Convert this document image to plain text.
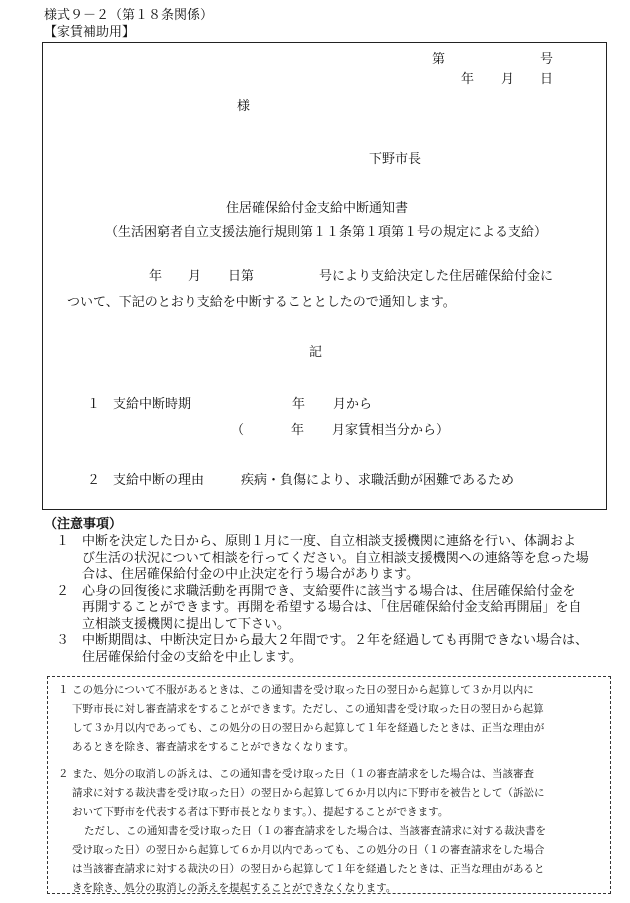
様式９－２（第１８条関係）
【家賃補助用】
第	号
年 月 日
様
下野市長
住居確保給付金支給中断通知書
（生活困窮者自立支援法施行規則第１１条第１項第１号の規定による支給）
年 月 日第	号により支給決定した住居確保給付金に
ついて、下記のとおり支給を中断することとしたので通知します。
記
１　支給中断時期	年 月から
（	年 月家賃相当分から）
２　支給中断の理由	疾病・負傷により、求職活動が困難であるため
（注意事項）
１ 中断を決定した日から、原則１月に一度、自立相談支援機関に連絡を行い、体調およ
び生活の状況について相談を行ってください。自立相談支援機関への連絡等を怠った場
合は、住居確保給付金の中止決定を行う場合があります。
２ 心身の回復後に求職活動を再開でき、支給要件に該当する場合は、住居確保給付金を
再開することができます。再開を希望する場合は、「住居確保給付金支給再開届」を自
立相談支援機関に提出して下さい。
３ 中断期間は、中断決定日から最大２年間です。２年を経過しても再開できない場合は、
住居確保給付金の支給を中止します。
１ この処分について不服があるときは、この通知書を受け取った日の翌日から起算して３か月以内に
下野市長に対し審査請求をすることができます。ただし、この通知書を受け取った日の翌日から起算
して３か月以内であっても、この処分の日の翌日から起算して１年を経過したときは、正当な理由が
あるときを除き、審査請求をすることができなくなります。
２ また、処分の取消しの訴えは、この通知書を受け取った日（１の審査請求をした場合は、当該審査
請求に対する裁決書を受け取った日）の翌日から起算して６か月以内に下野市を被告として（訴訟に
おいて下野市を代表する者は下野市長となります。）、提起することができます。
ただし、この通知書を受け取った日（１の審査請求をした場合は、当該審査請求に対する裁決書を
受け取った日）の翌日から起算して６か月以内であっても、この処分の日（１の審査請求をした場合
は当該審査請求に対する裁決の日）の翌日から起算して１年を経過したときは、正当な理由があると
きを除き、処分の取消しの訴えを提起することができなくなります。
